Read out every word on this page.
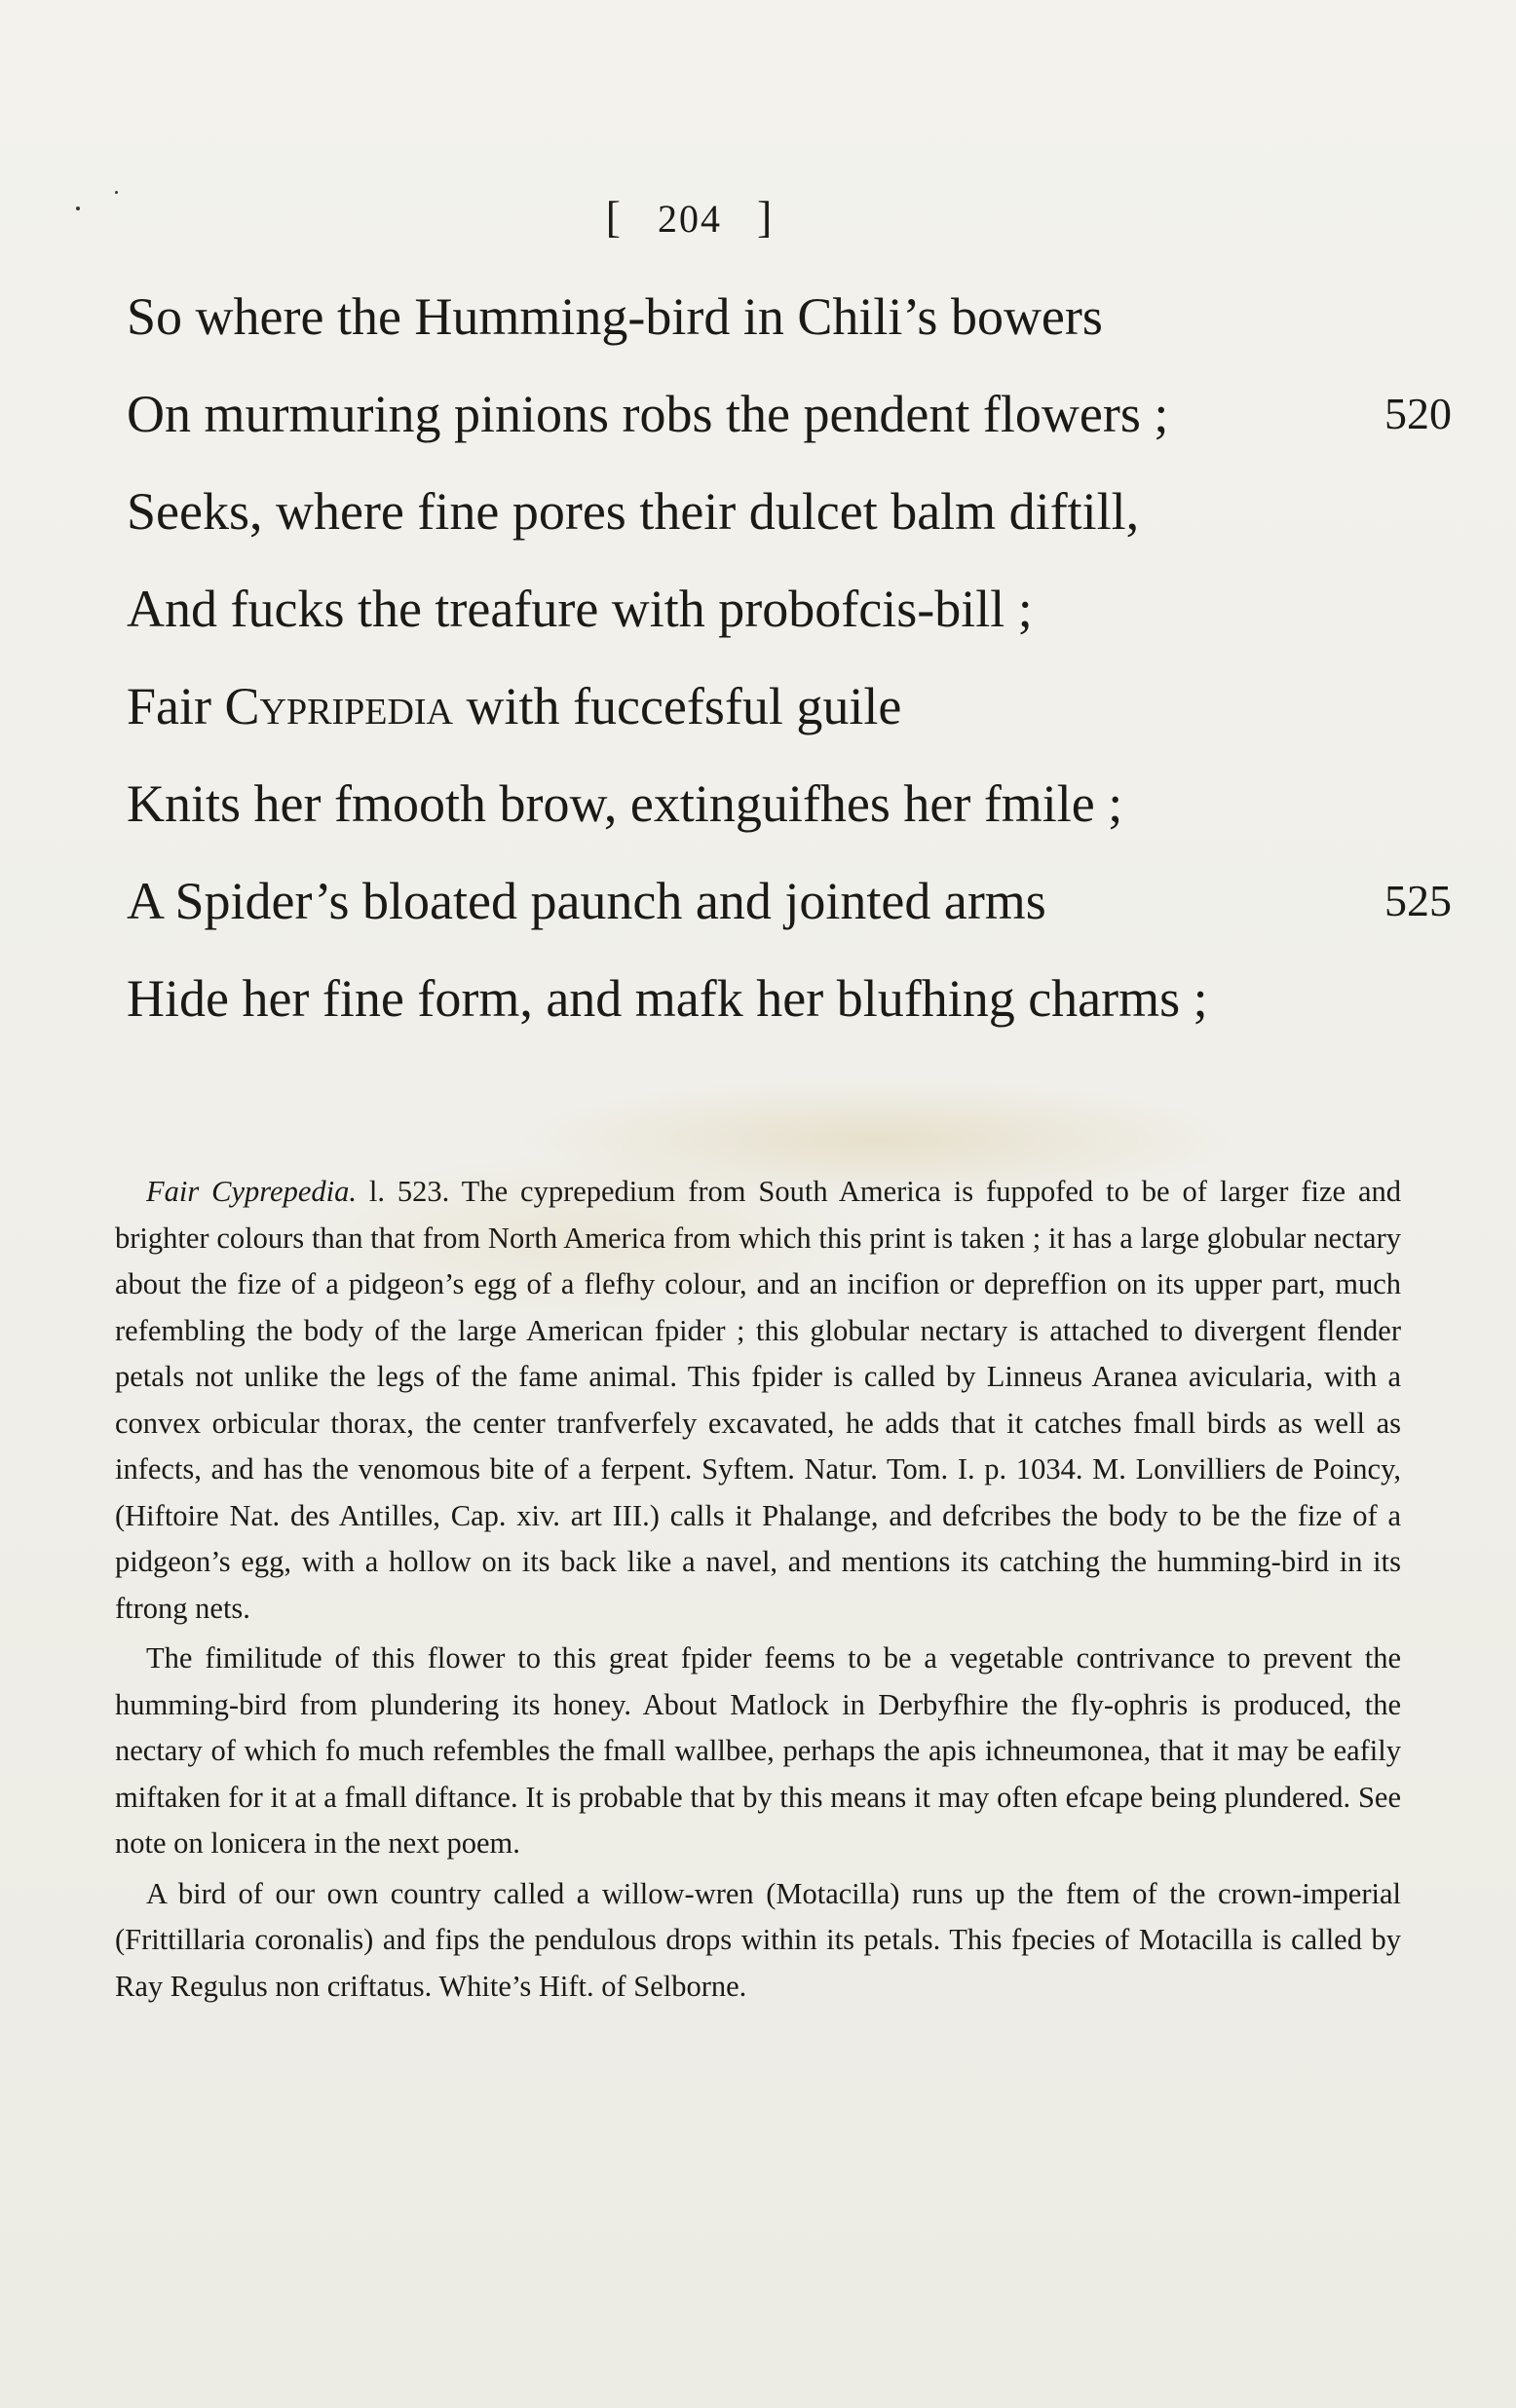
[ 204 ]
So where the Humming-bird in Chili’s bowers
On murmuring pinions robs the pendent flowers ;	520
Seeks, where fine pores their dulcet balm diftill,
And fucks the treafure with probofcis-bill ;
Fair Cypripedia with fuccefsful guile
Knits her fmooth brow, extinguifhes her fmile ;
A Spider’s bloated paunch and jointed arms	525
Hide her fine form, and mafk her blufhing charms ;

Fair Cyprepedia. l. 523. The cyprepedium from South America is fuppofed to be of larger fize and brighter colours than that from North America from which this print is taken ; it has a large globular nectary about the fize of a pidgeon’s egg of a flefhy colour, and an incifion or depreffion on its upper part, much refembling the body of the large American fpider ; this globular nectary is attached to divergent flender petals not unlike the legs of the fame animal. This fpider is called by Linneus Aranea avicularia, with a convex orbicular thorax, the center tranfverfely excavated, he adds that it catches fmall birds as well as infects, and has the venomous bite of a ferpent. Syftem. Natur. Tom. I. p. 1034. M. Lonvilliers de Poincy, (Hiftoire Nat. des Antilles, Cap. xiv. art III.) calls it Phalange, and defcribes the body to be the fize of a pidgeon’s egg, with a hollow on its back like a navel, and mentions its catching the humming-bird in its ftrong nets.

The fimilitude of this flower to this great fpider feems to be a vegetable contrivance to prevent the humming-bird from plundering its honey. About Matlock in Derbyfhire the fly-ophris is produced, the nectary of which fo much refembles the fmall wallbee, perhaps the apis ichneumonea, that it may be eafily miftaken for it at a fmall diftance. It is probable that by this means it may often efcape being plundered. See note on lonicera in the next poem.

A bird of our own country called a willow-wren (Motacilla) runs up the ftem of the crown-imperial (Frittillaria coronalis) and fips the pendulous drops within its petals. This fpecies of Motacilla is called by Ray Regulus non criftatus. White’s Hift. of Selborne.
